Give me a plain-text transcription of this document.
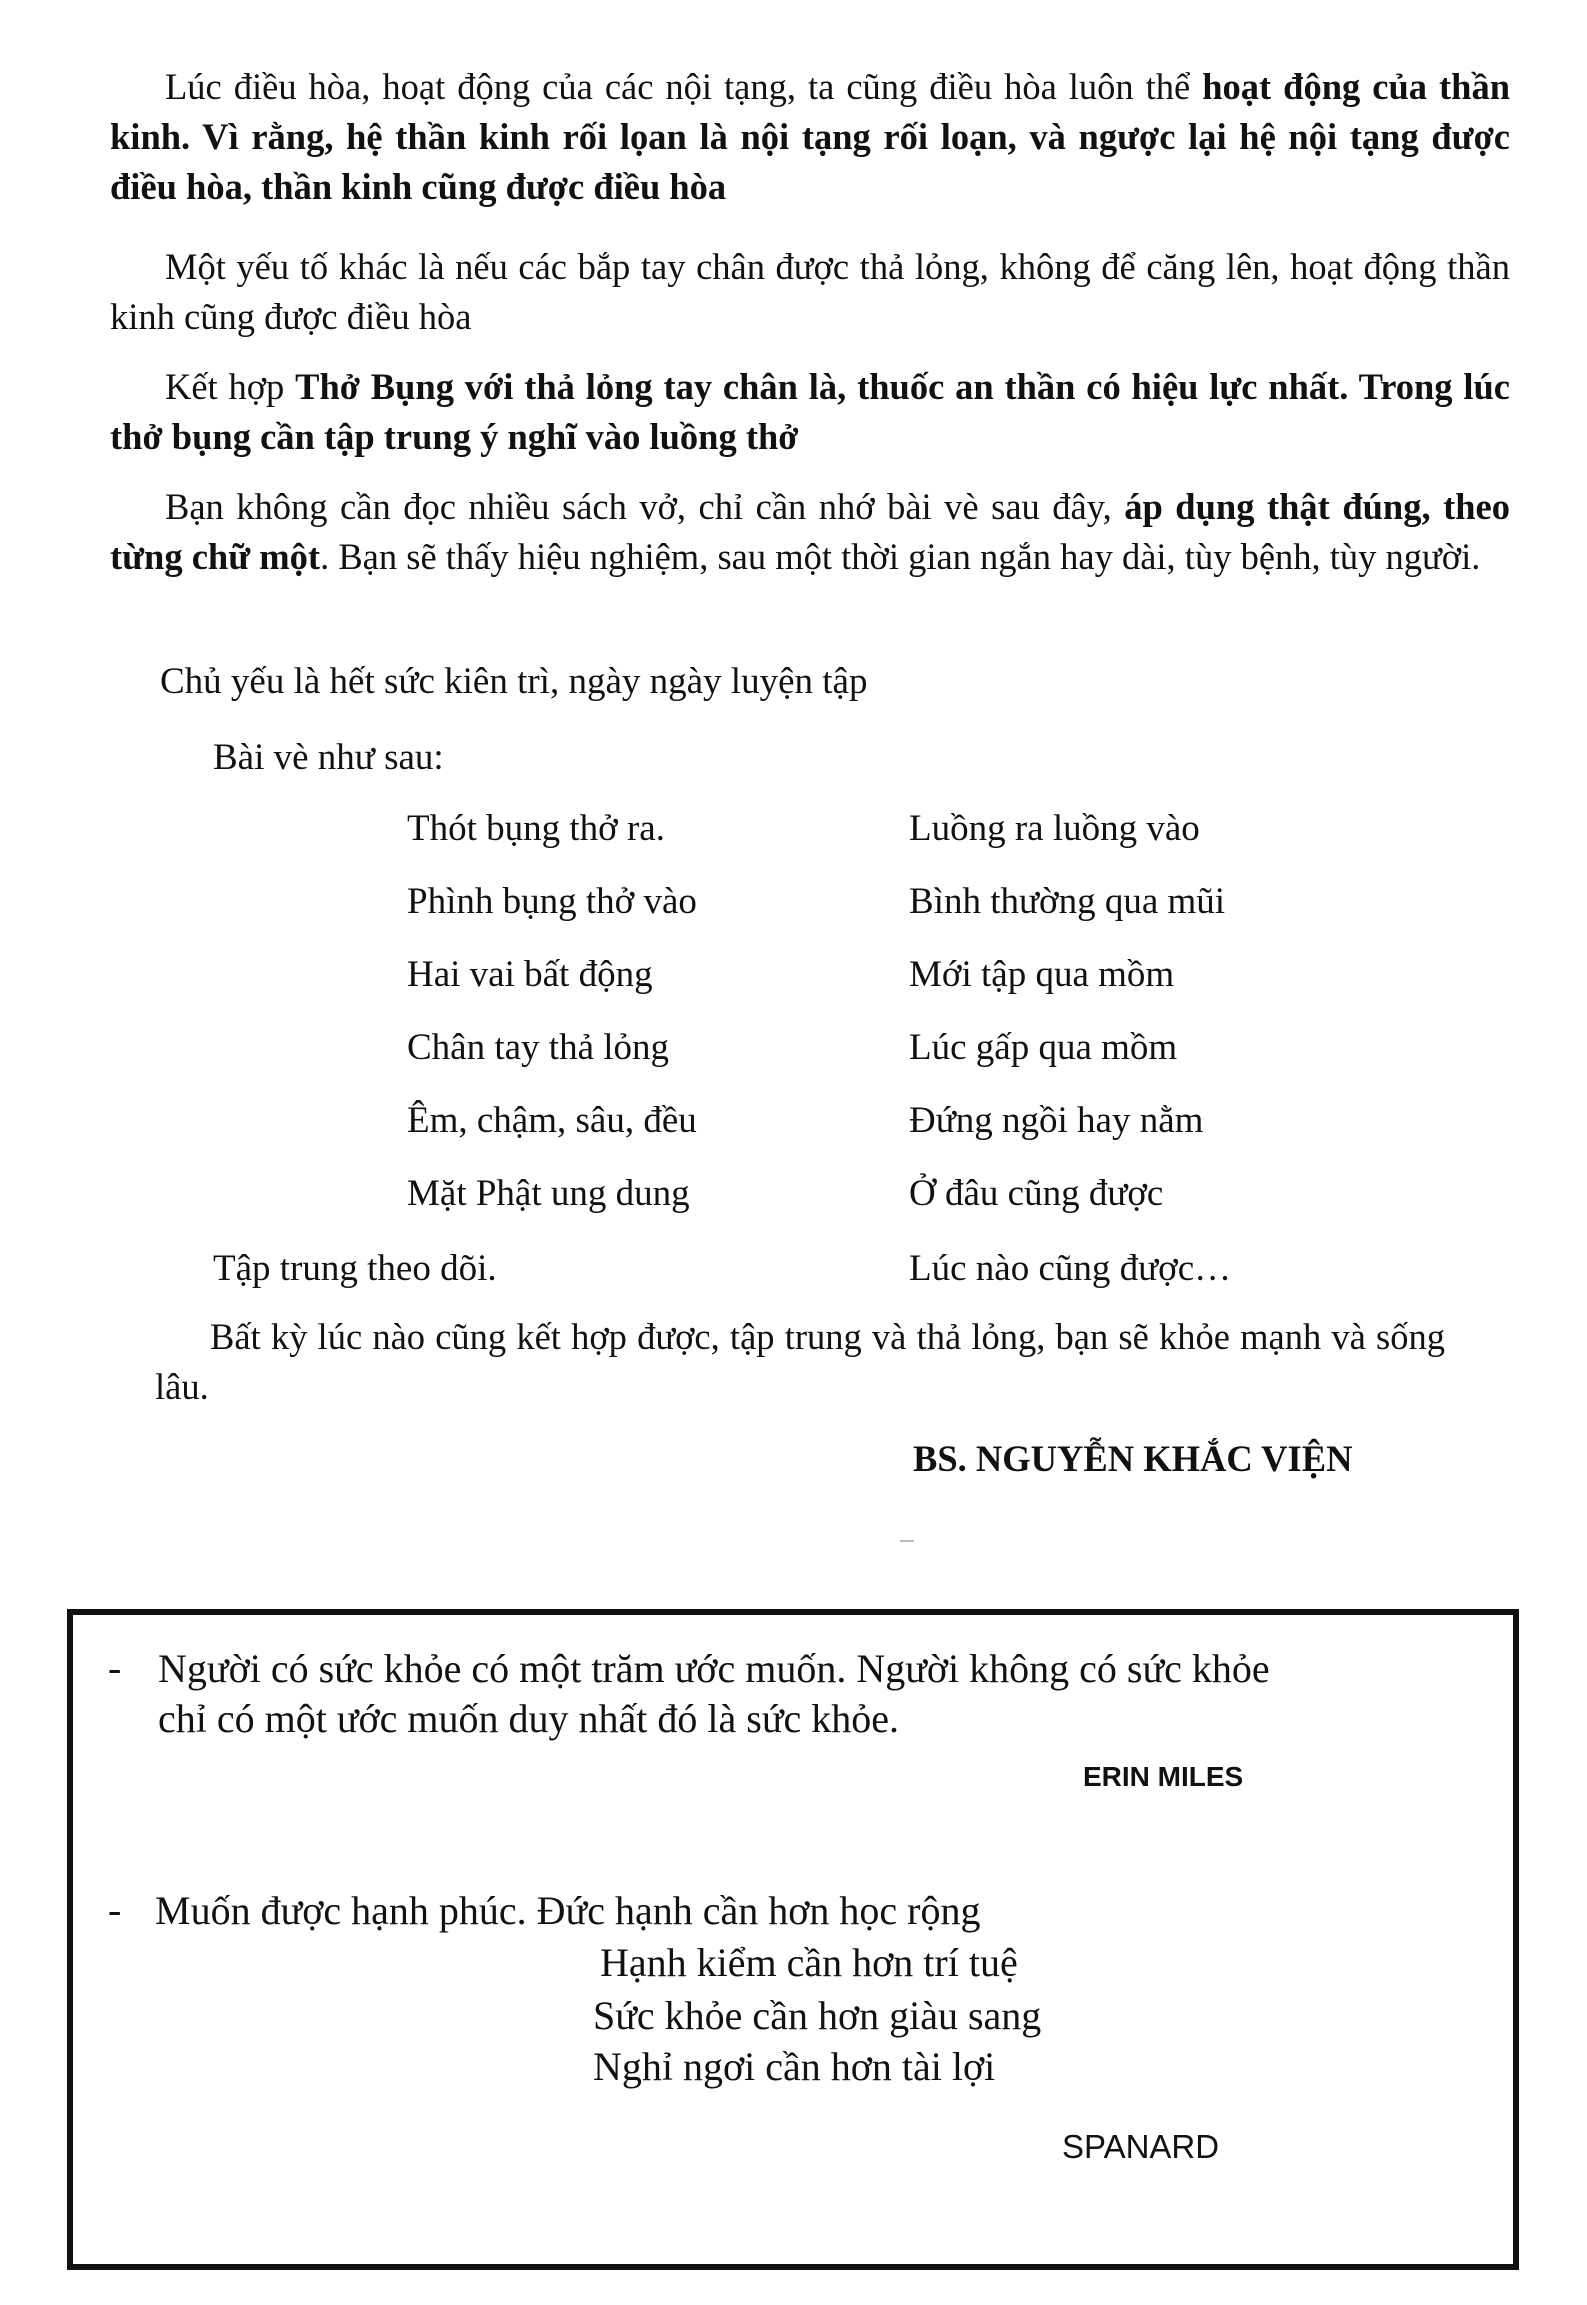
Lúc điều hòa, hoạt động của các nội tạng, ta cũng điều hòa luôn thể hoạt động của thần kinh. Vì rằng, hệ thần kinh rối lọan là nội tạng rối loạn, và ngược lại hệ nội tạng được điều hòa, thần kinh cũng được điều hòa

Một yếu tố khác là nếu các bắp tay chân được thả lỏng, không để căng lên, hoạt động thần kinh cũng được điều hòa

Kết hợp Thở Bụng với thả lỏng tay chân là, thuốc an thần có hiệu lực nhất. Trong lúc thở bụng cần tập trung ý nghĩ vào luồng thở

Bạn không cần đọc nhiều sách vở, chỉ cần nhớ bài vè sau đây, áp dụng thật đúng, theo từng chữ một. Bạn sẽ thấy hiệu nghiệm, sau một thời gian ngắn hay dài, tùy bệnh, tùy người.

Chủ yếu là hết sức kiên trì, ngày ngày luyện tập
Bài vè như sau:
Thót bụng thở ra.
Phình bụng thở vào
Hai vai bất động
Chân tay thả lỏng
Êm, chậm, sâu, đều
Mặt Phật ung dung
Luồng ra luồng vào
Bình thường qua mũi
Mới tập qua mồm
Lúc gấp qua mồm
Đứng ngồi hay nằm
Ở đâu cũng được
Tập trung theo dõi.	Lúc nào cũng được…

Bất kỳ lúc nào cũng kết hợp được, tập trung và thả lỏng, bạn sẽ khỏe mạnh và sống lâu.

BS. NGUYỄN KHẮC VIỆN
- Người có sức khỏe có một trăm ước muốn. Người không có sức khỏe
chỉ có một ước muốn duy nhất đó là sức khỏe.
ERIN MILES
- Muốn được hạnh phúc. Đức hạnh cần hơn học rộng
Hạnh kiểm cần hơn trí tuệ
Sức khỏe cần hơn giàu sang
Nghỉ ngơi cần hơn tài lợi
SPANARD
